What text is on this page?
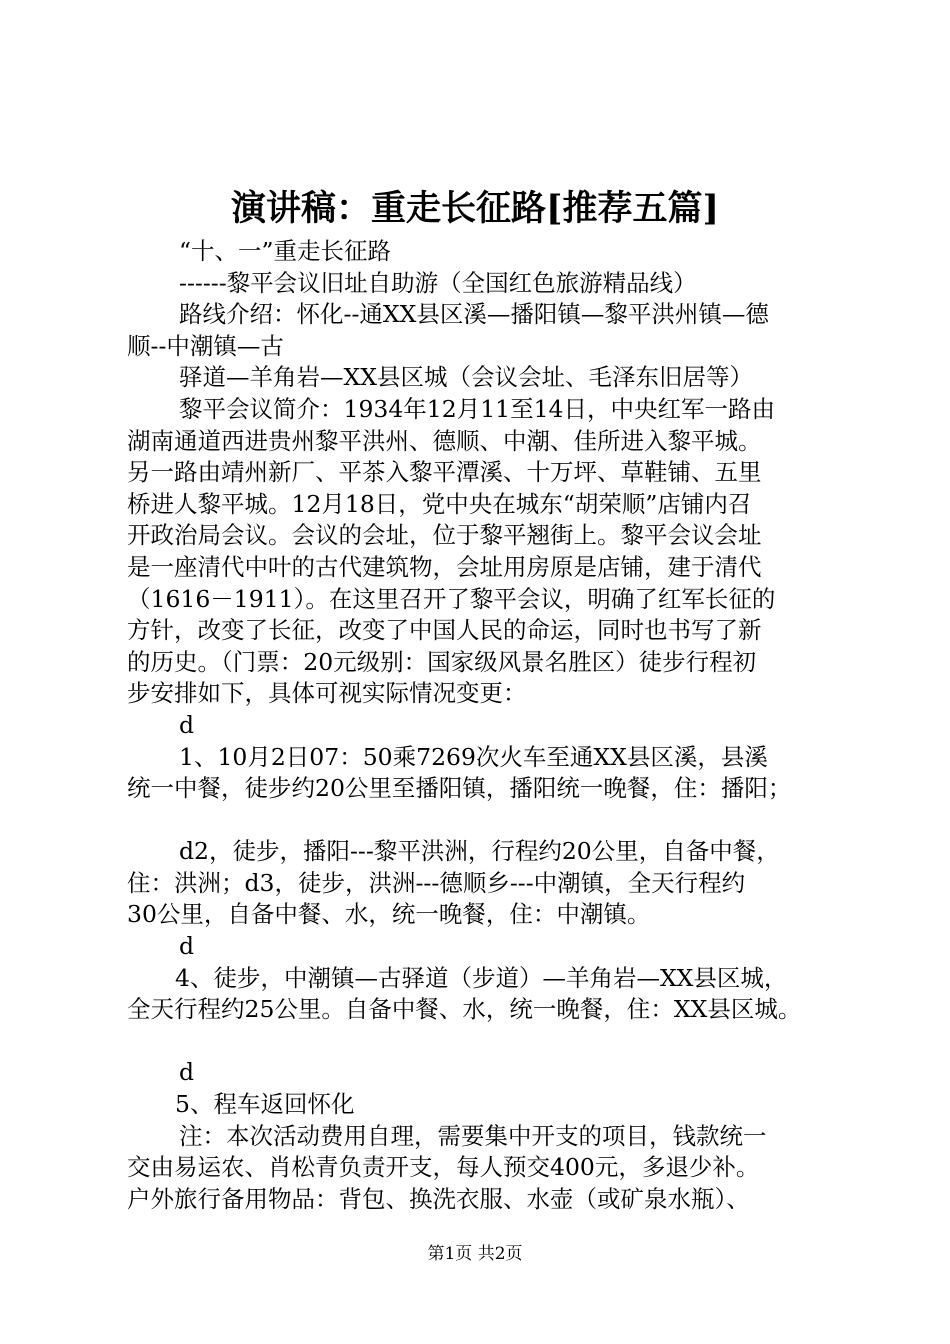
演讲稿：重走长征路[推荐五篇]
“十、一”重走长征路
------黎平会议旧址自助游（全国红色旅游精品线）
路线介绍：怀化--通XX县区溪—播阳镇—黎平洪州镇—德
顺--中潮镇—古
驿道—羊角岩—XX县区城（会议会址、毛泽东旧居等）
黎平会议简介：1934年12月11至14日，中央红军一路由
湖南通道西进贵州黎平洪州、德顺、中潮、佳所进入黎平城。
另一路由靖州新厂、平茶入黎平潭溪、十万坪、草鞋铺、五里
桥进人黎平城。12月18日，党中央在城东“胡荣顺”店铺内召
开政治局会议。会议的会址，位于黎平翘街上。黎平会议会址
是一座清代中叶的古代建筑物，会址用房原是店铺，建于清代
（1616－1911）。在这里召开了黎平会议，明确了红军长征的
方针，改变了长征，改变了中国人民的命运，同时也书写了新
的历史。（门票：20元级别：国家级风景名胜区）徒步行程初
步安排如下，具体可视实际情况变更：
d
1、10月2日07：50乘7269次火车至通XX县区溪，县溪
统一中餐，徒步约20公里至播阳镇，播阳统一晚餐，住：播阳；
d2，徒步，播阳---黎平洪洲，行程约20公里，自备中餐，
住：洪洲；d3，徒步，洪洲---德顺乡---中潮镇，全天行程约
30公里，自备中餐、水，统一晚餐，住：中潮镇。
d
4、徒步，中潮镇—古驿道（步道）—羊角岩—XX县区城，
全天行程约25公里。自备中餐、水，统一晚餐，住：XX县区城。
d
5、程车返回怀化
注：本次活动费用自理，需要集中开支的项目，钱款统一
交由易运农、肖松青负责开支，每人预交400元，多退少补。
户外旅行备用物品：背包、换洗衣服、水壶（或矿泉水瓶）、
第1页 共2页
